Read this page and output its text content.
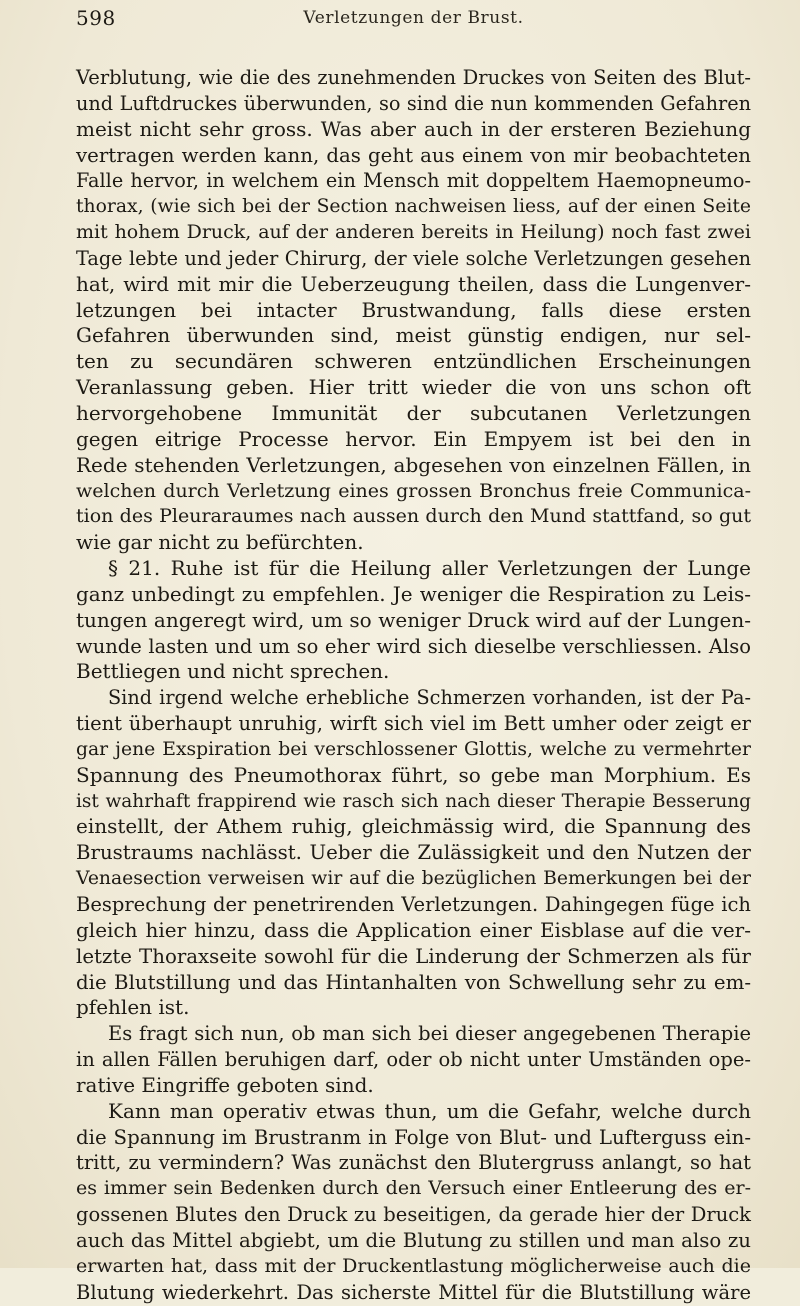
598	Verletzungen der Brust.
Verblutung, wie die des zunehmenden Druckes von Seiten des Blut-
und Luftdruckes überwunden, so sind die nun kommenden Gefahren
meist nicht sehr gross. Was aber auch in der ersteren Beziehung
vertragen werden kann, das geht aus einem von mir beobachteten
Falle hervor, in welchem ein Mensch mit doppeltem Haemopneumo-
thorax, (wie sich bei der Section nachweisen liess, auf der einen Seite
mit hohem Druck, auf der anderen bereits in Heilung) noch fast zwei
Tage lebte und jeder Chirurg, der viele solche Verletzungen gesehen
hat, wird mit mir die Ueberzeugung theilen, dass die Lungenver-
letzungen bei intacter Brustwandung, falls diese ersten
Gefahren überwunden sind, meist günstig endigen, nur sel-
ten zu secundären schweren entzündlichen Erscheinungen
Veranlassung geben. Hier tritt wieder die von uns schon oft
hervorgehobene Immunität der subcutanen Verletzungen
gegen eitrige Processe hervor. Ein Empyem ist bei den in
Rede stehenden Verletzungen, abgesehen von einzelnen Fällen, in
welchen durch Verletzung eines grossen Bronchus freie Communica-
tion des Pleuraraumes nach aussen durch den Mund stattfand, so gut
wie gar nicht zu befürchten.
§ 21. Ruhe ist für die Heilung aller Verletzungen der Lunge
ganz unbedingt zu empfehlen. Je weniger die Respiration zu Leis-
tungen angeregt wird, um so weniger Druck wird auf der Lungen-
wunde lasten und um so eher wird sich dieselbe verschliessen. Also
Bettliegen und nicht sprechen.
Sind irgend welche erhebliche Schmerzen vorhanden, ist der Pa-
tient überhaupt unruhig, wirft sich viel im Bett umher oder zeigt er
gar jene Exspiration bei verschlossener Glottis, welche zu vermehrter
Spannung des Pneumothorax führt, so gebe man Morphium. Es
ist wahrhaft frappirend wie rasch sich nach dieser Therapie Besserung
einstellt, der Athem ruhig, gleichmässig wird, die Spannung des
Brustraums nachlässt. Ueber die Zulässigkeit und den Nutzen der
Venaesection verweisen wir auf die bezüglichen Bemerkungen bei der
Besprechung der penetrirenden Verletzungen. Dahingegen füge ich
gleich hier hinzu, dass die Application einer Eisblase auf die ver-
letzte Thoraxseite sowohl für die Linderung der Schmerzen als für
die Blutstillung und das Hintanhalten von Schwellung sehr zu em-
pfehlen ist.
Es fragt sich nun, ob man sich bei dieser angegebenen Therapie
in allen Fällen beruhigen darf, oder ob nicht unter Umständen ope-
rative Eingriffe geboten sind.
Kann man operativ etwas thun, um die Gefahr, welche durch
die Spannung im Brustranm in Folge von Blut- und Lufterguss ein-
tritt, zu vermindern? Was zunächst den Blutergruss anlangt, so hat
es immer sein Bedenken durch den Versuch einer Entleerung des er-
gossenen Blutes den Druck zu beseitigen, da gerade hier der Druck
auch das Mittel abgiebt, um die Blutung zu stillen und man also zu
erwarten hat, dass mit der Druckentlastung möglicherweise auch die
Blutung wiederkehrt. Das sicherste Mittel für die Blutstillung wäre
